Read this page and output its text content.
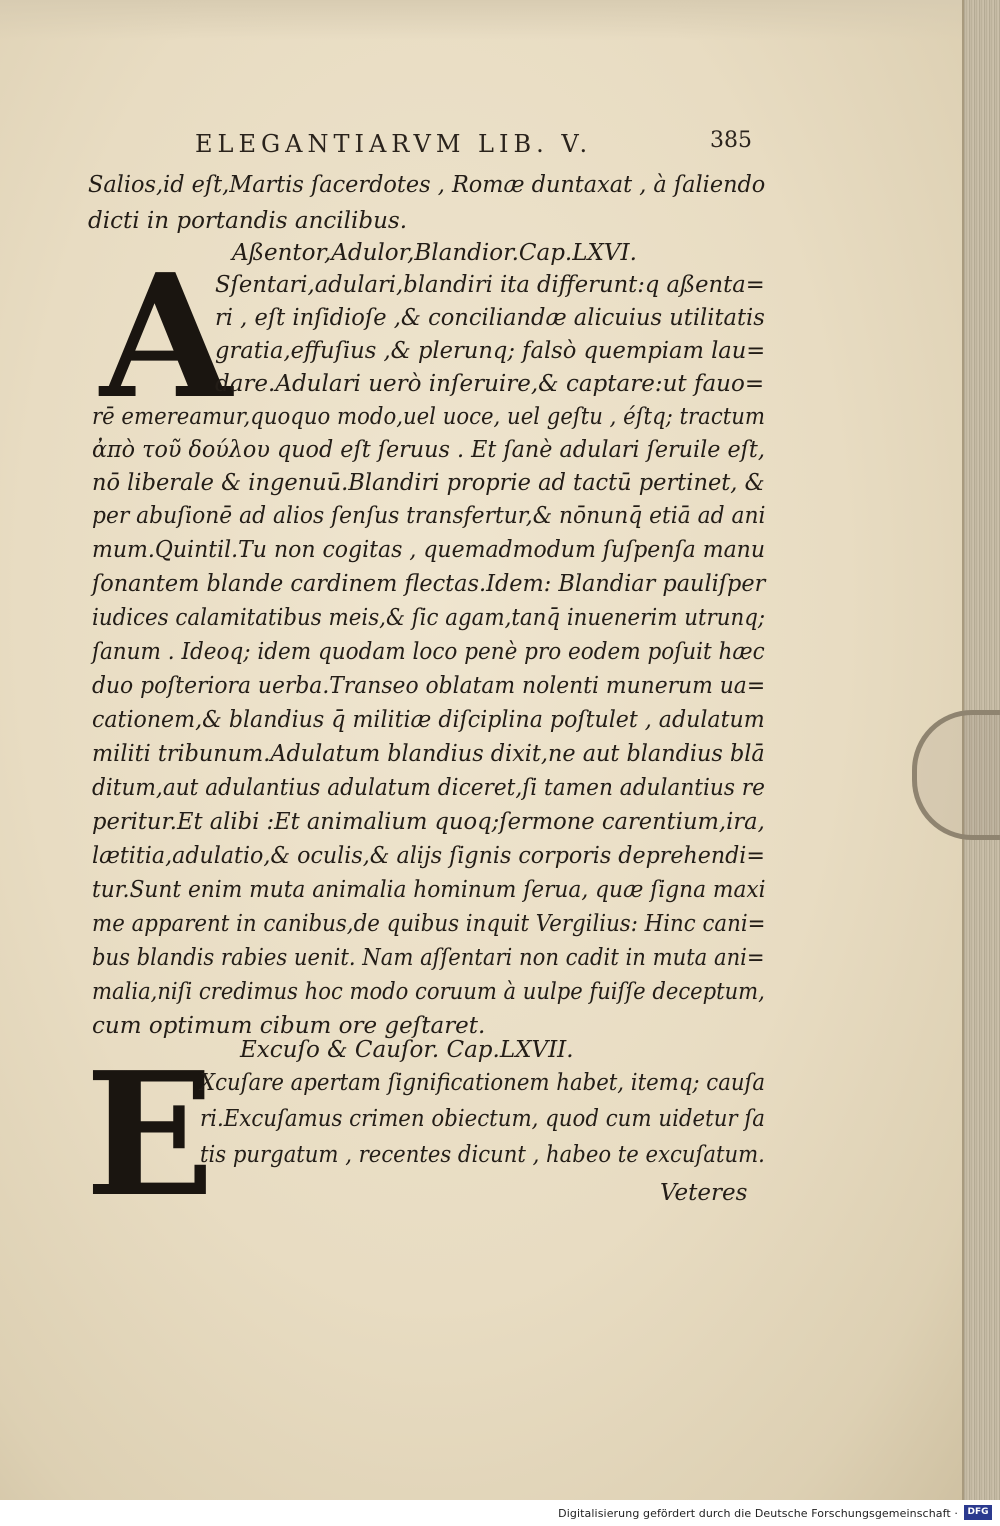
ELEGANTIARVM LIB. V.	385
Salios,id eſt,Martis ſacerdotes , Romæ duntaxat , à ſaliendo
dicti in portandis ancilibus.
Aßentor,Adulor,Blandior.Cap.LXVI.
A
Sſentari,adulari,blandiri ita differunt:q aßenta=
ri , eſt inſidioſe ,& conciliandæ alicuius utilitatis
gratia,effuſius ,& plerunq; falsò quempiam lau=
dare.Adulari uerò inſeruire,& captare:ut fauo=
rē emereamur,quoquo modo,uel uoce, uel geſtu , éſtq; tractum
ἀπὸ τοῦ δούλου quod eſt ſeruus . Et ſanè adulari ſeruile eſt,
nō liberale & ingenuū.Blandiri proprie ad tactū pertinet, &
per abuſionē ad alios ſenſus transfertur,& nōnunq̄ etiā ad ani
mum.Quintil.Tu non cogitas , quemadmodum ſuſpenſa manu
ſonantem blande cardinem flectas.Idem: Blandiar pauliſper
iudices calamitatibus meis,& ſic agam,tanq̄ inuenerim utrunq;
ſanum . Ideoq; idem quodam loco penè pro eodem poſuit hæc
duo poſteriora uerba.Transeo oblatam nolenti munerum ua=
cationem,& blandius q̄ militiæ diſciplina poſtulet , adulatum
militi tribunum.Adulatum blandius dixit,ne aut blandius blā
ditum,aut adulantius adulatum diceret,ſi tamen adulantius re
peritur.Et alibi :Et animalium quoq;ſermone carentium,ira,
lætitia,adulatio,& oculis,& alijs ſignis corporis deprehendi=
tur.Sunt enim muta animalia hominum ſerua, quæ ſigna maxi
me apparent in canibus,de quibus inquit Vergilius: Hinc cani=
bus blandis rabies uenit. Nam aſſentari non cadit in muta ani=
malia,niſi credimus hoc modo coruum à uulpe fuiſſe deceptum,
cum optimum cibum ore geſtaret.
Excuſo & Cauſor. Cap.LXVII.
E
Xcuſare apertam ſignificationem habet, itemq; cauſa
ri.Excuſamus crimen obiectum, quod cum uidetur ſa
tis purgatum , recentes dicunt , habeo te excuſatum.
Veteres
Digitalisierung gefördert durch die Deutsche Forschungsgemeinschaft ·	DFG
